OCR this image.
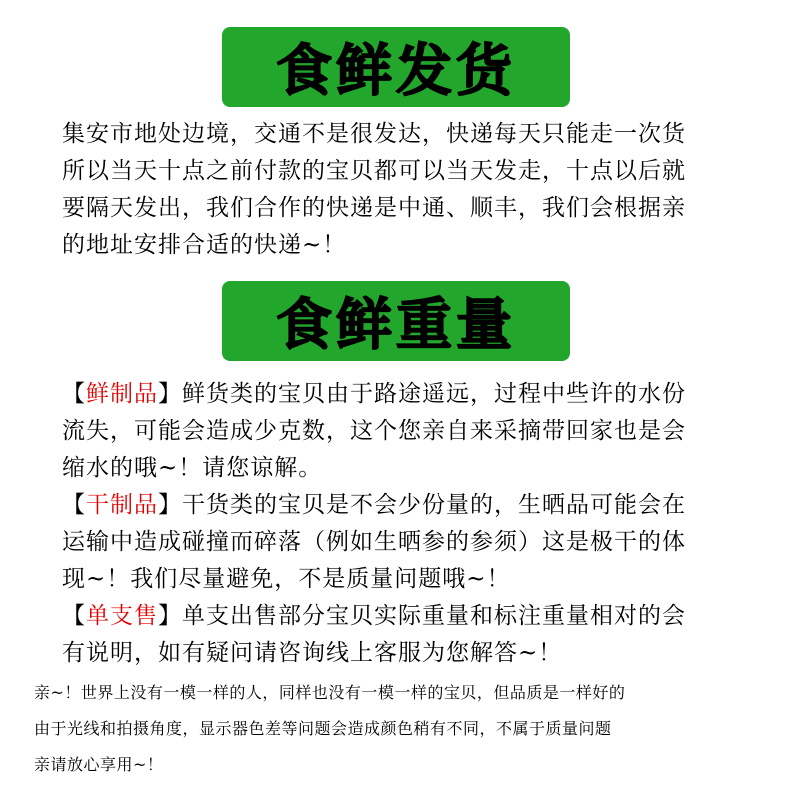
食鲜发货
集安市地处边境，交通不是很发达，快递每天只能走一次货
所以当天十点之前付款的宝贝都可以当天发走，十点以后就
要隔天发出，我们合作的快递是中通、顺丰，我们会根据亲
的地址安排合适的快递~！
食鲜重量
【鲜制品】鲜货类的宝贝由于路途遥远，过程中些许的水份
流失，可能会造成少克数，这个您亲自来采摘带回家也是会
缩水的哦~！请您谅解。
【干制品】干货类的宝贝是不会少份量的，生晒品可能会在
运输中造成碰撞而碎落（例如生晒参的参须）这是极干的体
现~！我们尽量避免，不是质量问题哦~！
【单支售】单支出售部分宝贝实际重量和标注重量相对的会
有说明，如有疑问请咨询线上客服为您解答~！
亲~！世界上没有一模一样的人，同样也没有一模一样的宝贝，但品质是一样好的
由于光线和拍摄角度，显示器色差等问题会造成颜色稍有不同，不属于质量问题
亲请放心享用~！
